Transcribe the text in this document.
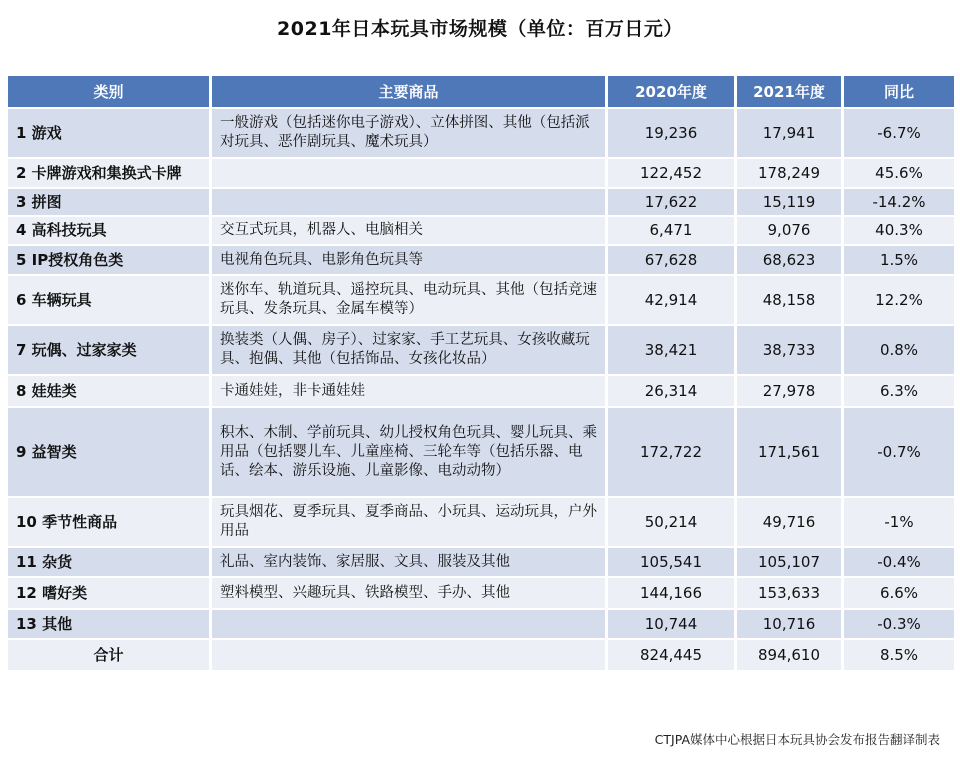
2021年日本玩具市场规模（单位：百万日元）
类别	主要商品	2020年度	2021年度	同比
1 游戏	一般游戏（包括迷你电子游戏）、立体拼图、其他（包括派对玩具、恶作剧玩具、魔术玩具）	19,236	17,941	-6.7%
2 卡牌游戏和集换式卡牌		122,452	178,249	45.6%
3 拼图		17,622	15,119	-14.2%
4 高科技玩具	交互式玩具，机器人、电脑相关	6,471	9,076	40.3%
5 IP授权角色类	电视角色玩具、电影角色玩具等	67,628	68,623	1.5%
6 车辆玩具	迷你车、轨道玩具、遥控玩具、电动玩具、其他（包括竞速玩具、发条玩具、金属车模等）	42,914	48,158	12.2%
7 玩偶、过家家类	换装类（人偶、房子）、过家家、手工艺玩具、女孩收藏玩具、抱偶、其他（包括饰品、女孩化妆品）	38,421	38,733	0.8%
8 娃娃类	卡通娃娃，非卡通娃娃	26,314	27,978	6.3%
9 益智类	积木、木制、学前玩具、幼儿授权角色玩具、婴儿玩具、乘用品（包括婴儿车、儿童座椅、三轮车等（包括乐器、电话、绘本、游乐设施、儿童影像、电动动物）	172,722	171,561	-0.7%
10 季节性商品	玩具烟花、夏季玩具、夏季商品、小玩具、运动玩具，户外用品	50,214	49,716	-1%
11 杂货	礼品、室内装饰、家居服、文具、服装及其他	105,541	105,107	-0.4%
12 嗜好类	塑料模型、兴趣玩具、铁路模型、手办、其他	144,166	153,633	6.6%
13 其他		10,744	10,716	-0.3%
合计		824,445	894,610	8.5%
CTJPA媒体中心根据日本玩具协会发布报告翻译制表
